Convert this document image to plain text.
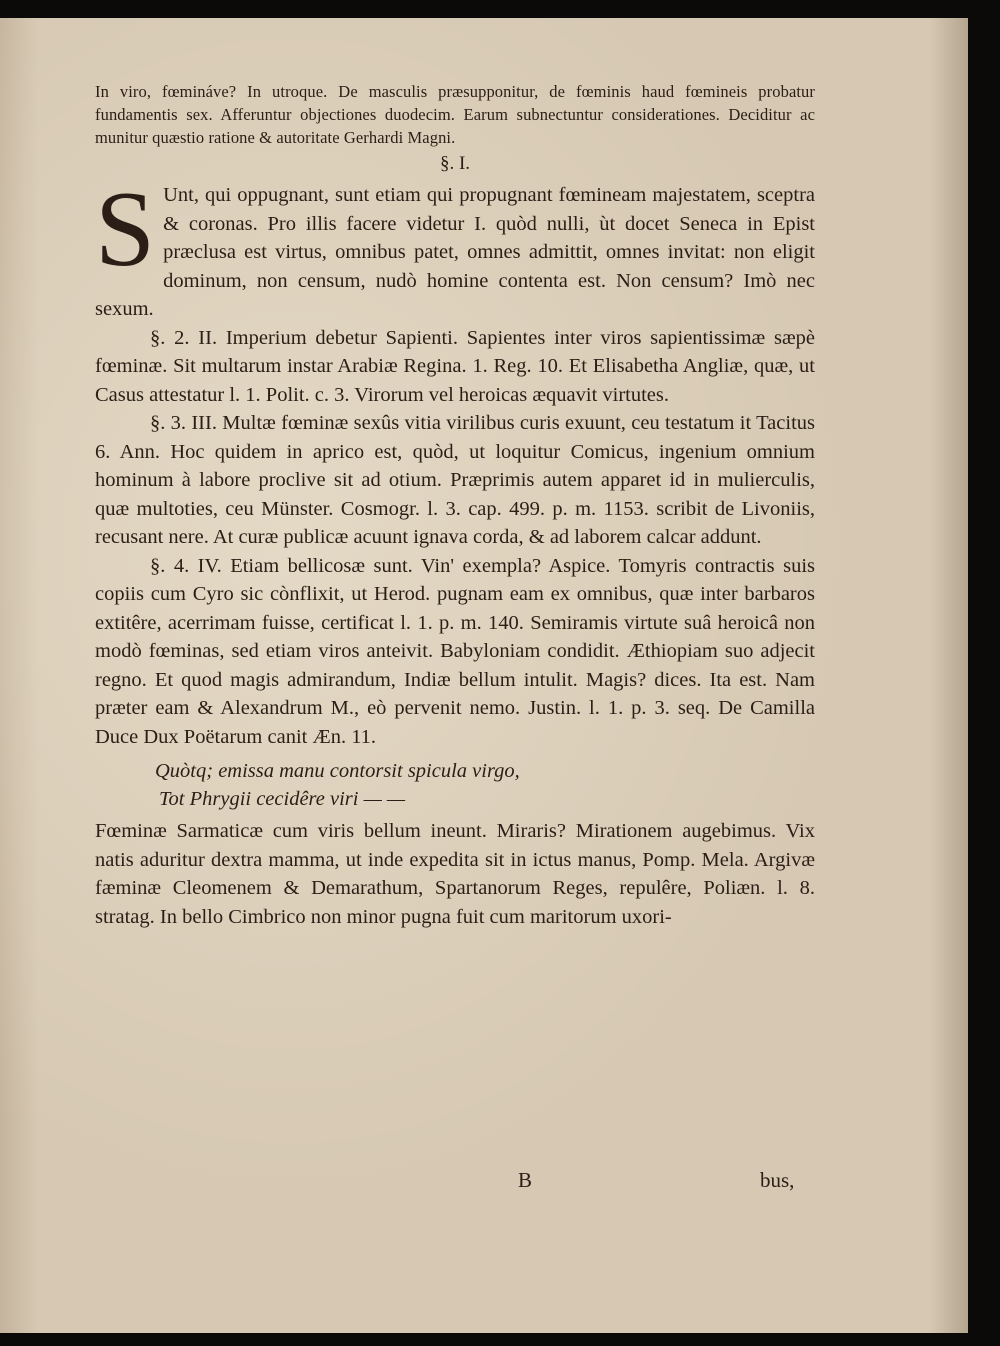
In viro, fœmináve? In utroque. De masculis præsupponitur, de fœminis haud fœmineis probatur fundamentis sex. Afferuntur objectiones duodecim. Earum subnectuntur considerationes. Deciditur ac munitur quæstio ratione & autoritate Gerhardi Magni.
§. I.

S Unt, qui oppugnant, sunt etiam qui propugnant fœmineam majestatem, sceptra & coronas. Pro illis facere videtur I. quòd nulli, ùt docet Seneca in Epist præclusa est virtus, omnibus patet, omnes admittit, omnes invitat: non eligit dominum, non censum, nudò homine contenta est. Non censum? Imò nec sexum.

§. 2. II. Imperium debetur Sapienti. Sapientes inter viros sapientissimæ sæpè fœminæ. Sit multarum instar Arabiæ Regina. 1. Reg. 10. Et Elisabetha Angliæ, quæ, ut Casus attestatur l. 1. Polit. c. 3. Virorum vel heroicas æquavit virtutes.

§. 3. III. Multæ fœminæ sexûs vitia virilibus curis exuunt, ceu testatum it Tacitus 6. Ann. Hoc quidem in aprico est, quòd, ut loquitur Comicus, ingenium omnium hominum à labore proclive sit ad otium. Præprimis autem apparet id in mulierculis, quæ multoties, ceu Münster. Cosmogr. l. 3. cap. 499. p. m. 1153. scribit de Livoniis, recusant nere. At curæ publicæ acuunt ignava corda, & ad laborem calcar addunt.

§. 4. IV. Etiam bellicosæ sunt. Vin' exempla? Aspice. Tomyris contractis suis copiis cum Cyro sic cònflixit, ut Herod. pugnam eam ex omnibus, quæ inter barbaros extitêre, acerrimam fuisse, certificat l. 1. p. m. 140. Semiramis virtute suâ heroicâ non modò fœminas, sed etiam viros anteivit. Babyloniam condidit. Æthiopiam suo adjecit regno. Et quod magis admirandum, Indiæ bellum intulit. Magis? dices. Ita est. Nam præter eam & Alexandrum M., eò pervenit nemo. Justin. l. 1. p. 3. seq. De Camilla Duce Dux Poëtarum canit Æn. 11.

Quòtq; emissa manu contorsit spicula virgo,
Tot Phrygii cecidêre viri — —

Fœminæ Sarmaticæ cum viris bellum ineunt. Miraris? Mirationem augebimus. Vix natis aduritur dextra mamma, ut inde expedita sit in ictus manus, Pomp. Mela. Argivæ fæminæ Cleomenem & Demarathum, Spartanorum Reges, repulêre, Poliæn. l. 8. stratag. In bello Cimbrico non minor pugna fuit cum maritorum uxori-

B	bus,
